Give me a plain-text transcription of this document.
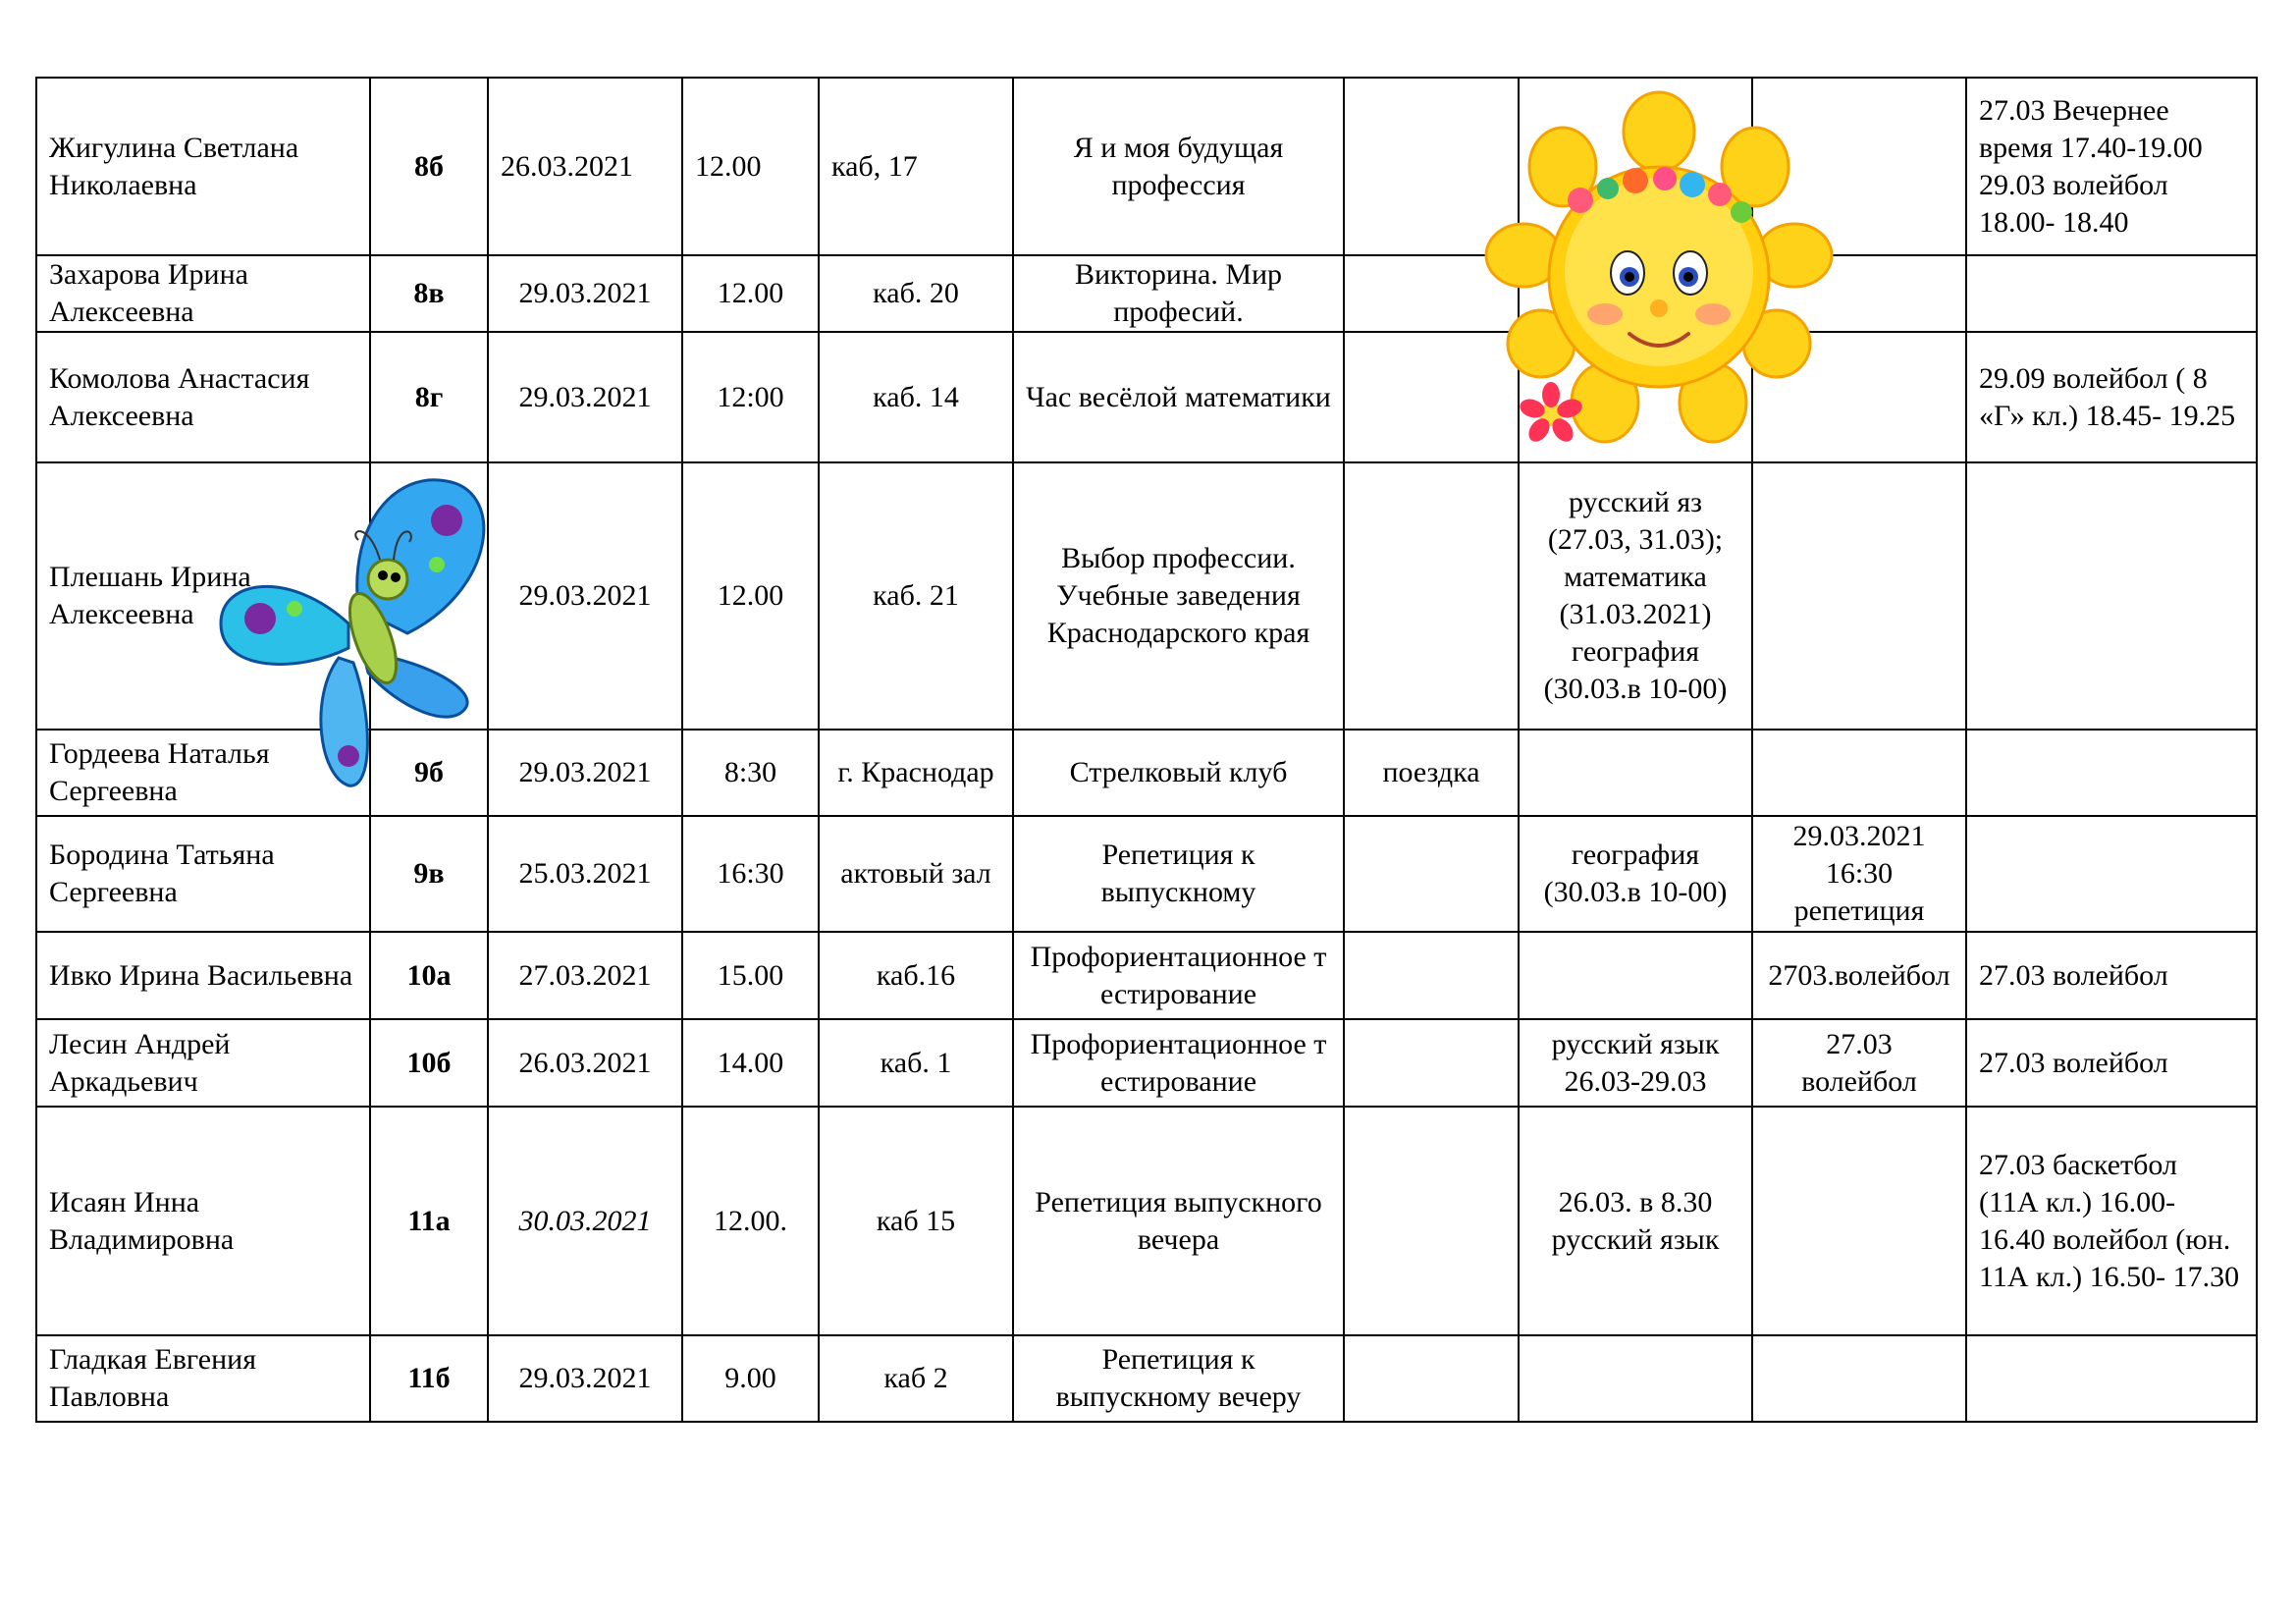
Жигулина Светлана Николаевна	8б	26.03.2021	12.00	каб, 17	Я и моя будущая профессия				27.03 Вечернее время 17.40-19.00 29.03 волейбол 18.00- 18.40
Захарова Ирина Алексеевна	8в	29.03.2021	12.00	каб. 20	Викторина. Мир професий.				
Комолова Анастасия Алексеевна	8г	29.03.2021	12:00	каб. 14	Час весёлой математики				29.09 волейбол ( 8 «Г» кл.) 18.45- 19.25
Плешань Ирина Алексеевна		29.03.2021	12.00	каб. 21	Выбор профессии. Учебные заведения Краснодарского края		русский яз (27.03, 31.03); математика (31.03.2021) география (30.03.в 10-00)		
Гордеева Наталья Сергеевна	9б	29.03.2021	8:30	г. Краснодар	Стрелковый клуб	поездка			
Бородина Татьяна Сергеевна	9в	25.03.2021	16:30	актовый зал	Репетиция к выпускному		география (30.03.в 10-00)	29.03.2021 16:30 репетиция	
Ивко Ирина Васильевна	10а	27.03.2021	15.00	каб.16	Профориентационное тестирование			2703.волейбол	27.03 волейбол
Лесин Андрей Аркадьевич	10б	26.03.2021	14.00	каб. 1	Профориентационное тестирование		русский язык 26.03-29.03	27.03 волейбол	27.03 волейбол
Исаян Инна Владимировна	11а	30.03.2021	12.00.	каб 15	Репетиция выпускного вечера		26.03. в 8.30 русский язык		27.03 баскетбол (11А кл.) 16.00- 16.40 волейбол (юн. 11А кл.) 16.50- 17.30
Гладкая Евгения Павловна	11б	29.03.2021	9.00	каб 2	Репетиция к выпускному вечеру				
